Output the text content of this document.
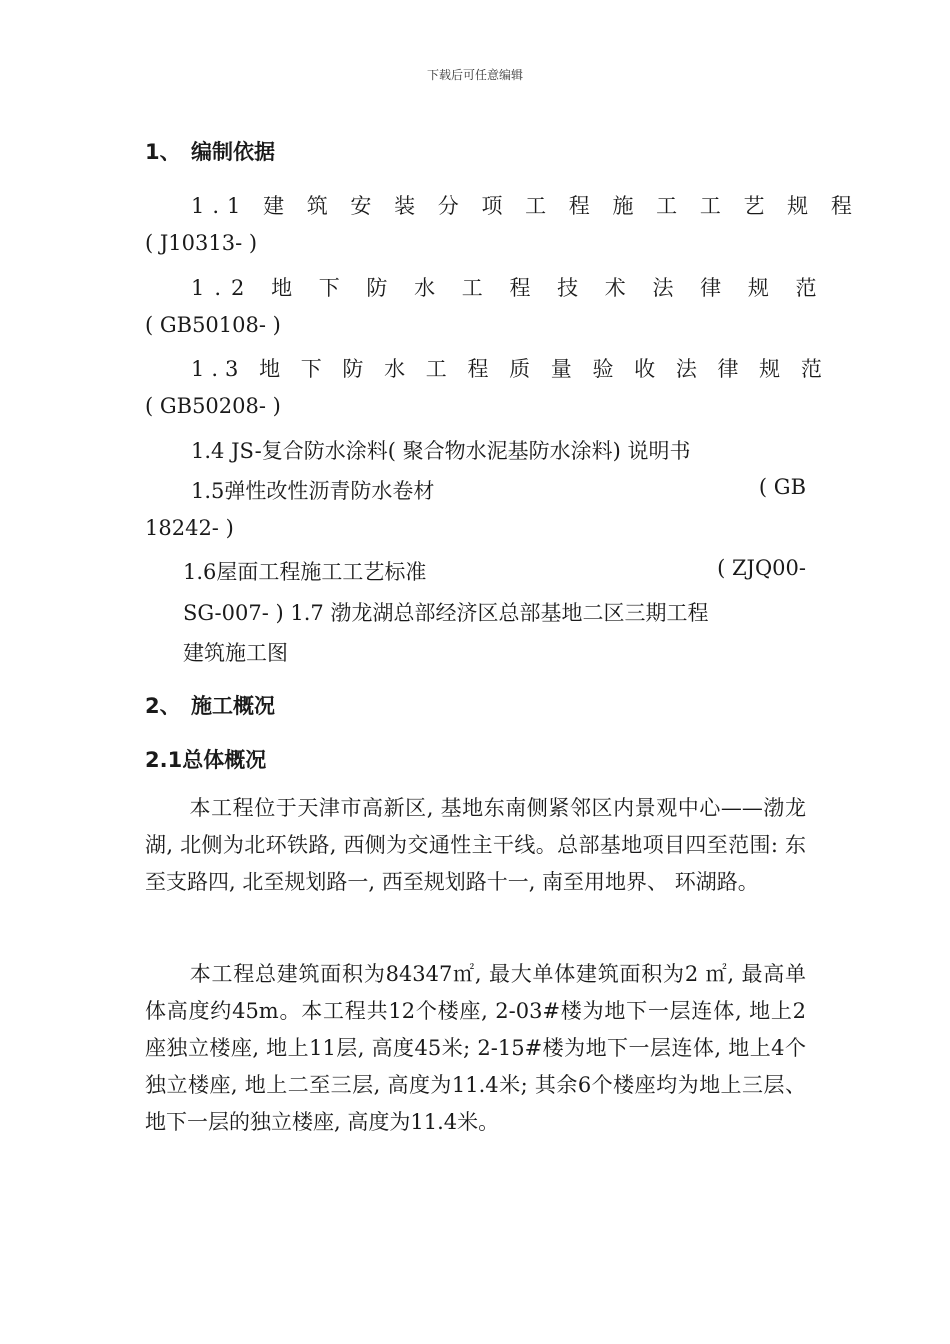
下载后可任意编辑
1、 编制依据
1.1 建 筑 安 装 分 项 工 程 施 工 工 艺 规 程
( J10313- )
1.2 地 下 防 水 工 程 技 术 法 律 规 范
( GB50108- )
1.3 地 下 防 水 工 程 质 量 验 收 法 律 规 范
( GB50208- )
1.4 JS-复合防水涂料( 聚合物水泥基防水涂料) 说明书
1.5弹性改性沥青防水卷材	( GB
18242- )
1.6屋面工程施工工艺标准	( ZJQ00-
SG-007- ) 1.7 渤龙湖总部经济区总部基地二区三期工程
建筑施工图
2、 施工概况
2.1总体概况
本工程位于天津市高新区, 基地东南侧紧邻区内景观中心——渤龙湖, 北侧为北环铁路, 西侧为交通性主干线。总部基地项目四至范围: 东至支路四, 北至规划路一, 西至规划路十一, 南至用地界、 环湖路。
本工程总建筑面积为84347㎡, 最大单体建筑面积为2 ㎡, 最高单体高度约45m。本工程共12个楼座, 2-03#楼为地下一层连体, 地上2座独立楼座, 地上11层, 高度45米; 2-15#楼为地下一层连体, 地上4个独立楼座, 地上二至三层, 高度为11.4米; 其余6个楼座均为地上三层、 地下一层的独立楼座, 高度为11.4米。
